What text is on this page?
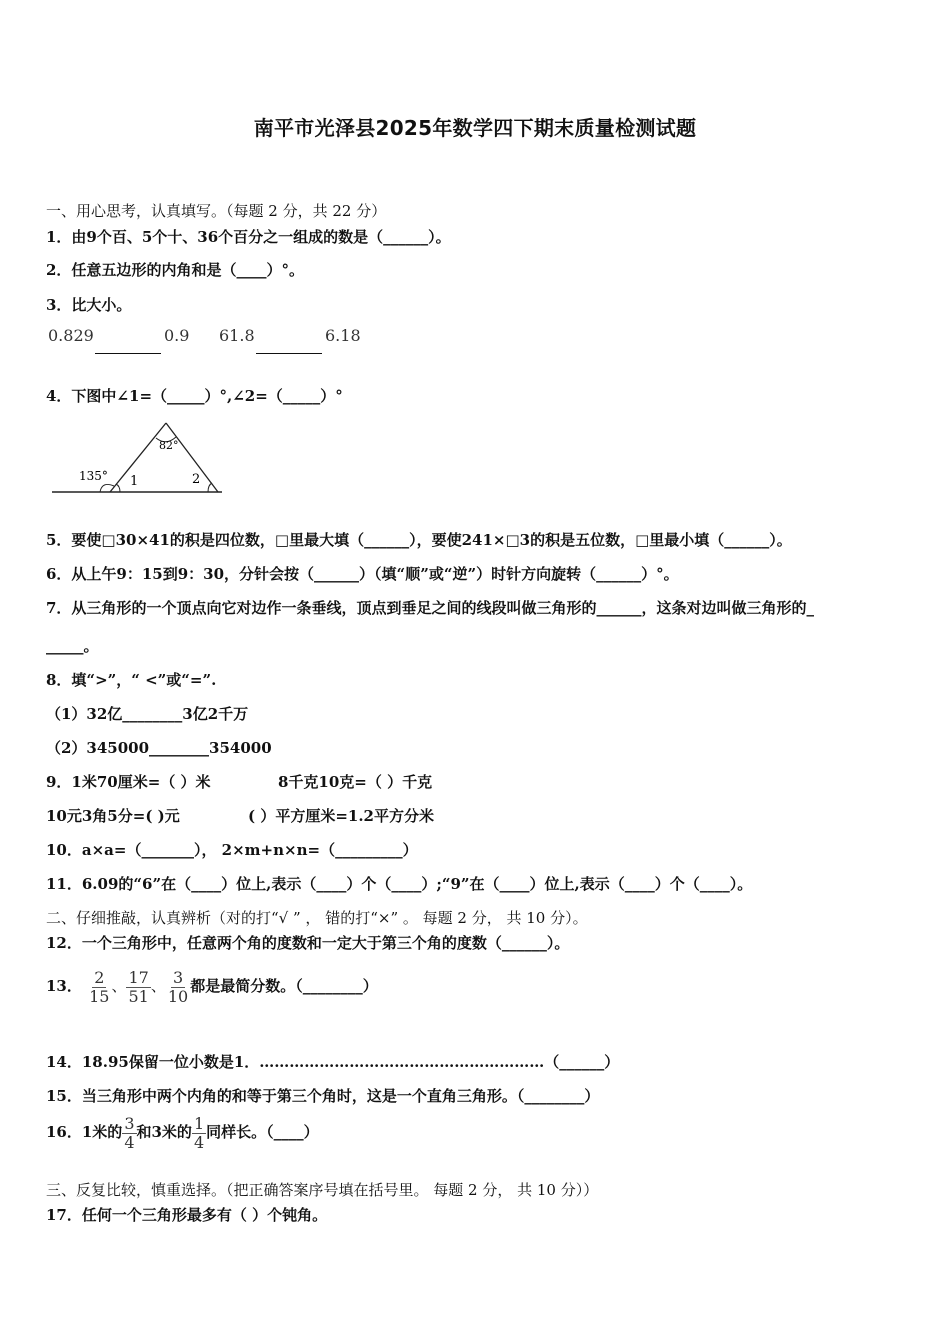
南平市光泽县2025年数学四下期末质量检测试题
一、用心思考，认真填写。（每题 2 分，共 22 分）
1．由9个百、5个十、36个百分之一组成的数是（______）。
2．任意五边形的内角和是（____）°。
3．比大小。
0.829	0.9 61.8	6.18
4．下图中∠1=（_____）°,∠2=（_____）°
82°
135° 1	2
5．要使□30×41的积是四位数，□里最大填（______），要使241×□3的积是五位数，□里最小填（______）。
6．从上午9：15到9：30，分针会按（______）（填“顺”或“逆”）时针方向旋转（______）°。
7．从三角形的一个顶点向它对边作一条垂线，顶点到垂足之间的线段叫做三角形的______，这条对边叫做三角形的_
_____。
8．填“>”，“ <”或“=”.
（1）32亿________3亿2千万
（2）345000________354000
9．1米70厘米=（ ）米	8千克10克=（ ）千克
10元3角5分=( )元	( ）平方厘米=1.2平方分米
10．a×a=（_______）， 2×m+n×n=（_________）
11．6.09的“6”在（____）位上,表示（____）个（____）;“9”在（____）位上,表示（____）个（____）。
二、仔细推敲，认真辨析（对的打“√ ” ， 错的打“×” 。 每题 2 分， 共 10 分）。
12．一个三角形中，任意两个角的度数和一定大于第三个角的度数（______）。
13． $\frac{2}{15}$ 、 $\frac{17}{51}$ 、 $\frac{3}{10}$ 都是最简分数。（________）
14．18.95保留一位小数是1．…………………………………………………（______）
15．当三角形中两个内角的和等于第三个角时，这是一个直角三角形。（________）
16．1米的 $\frac{3}{4}$ 和3米的 $\frac{1}{4}$ 同样长。（____）
三、反复比较，慎重选择。（把正确答案序号填在括号里。 每题 2 分， 共 10 分））
17．任何一个三角形最多有（ ）个钝角。
